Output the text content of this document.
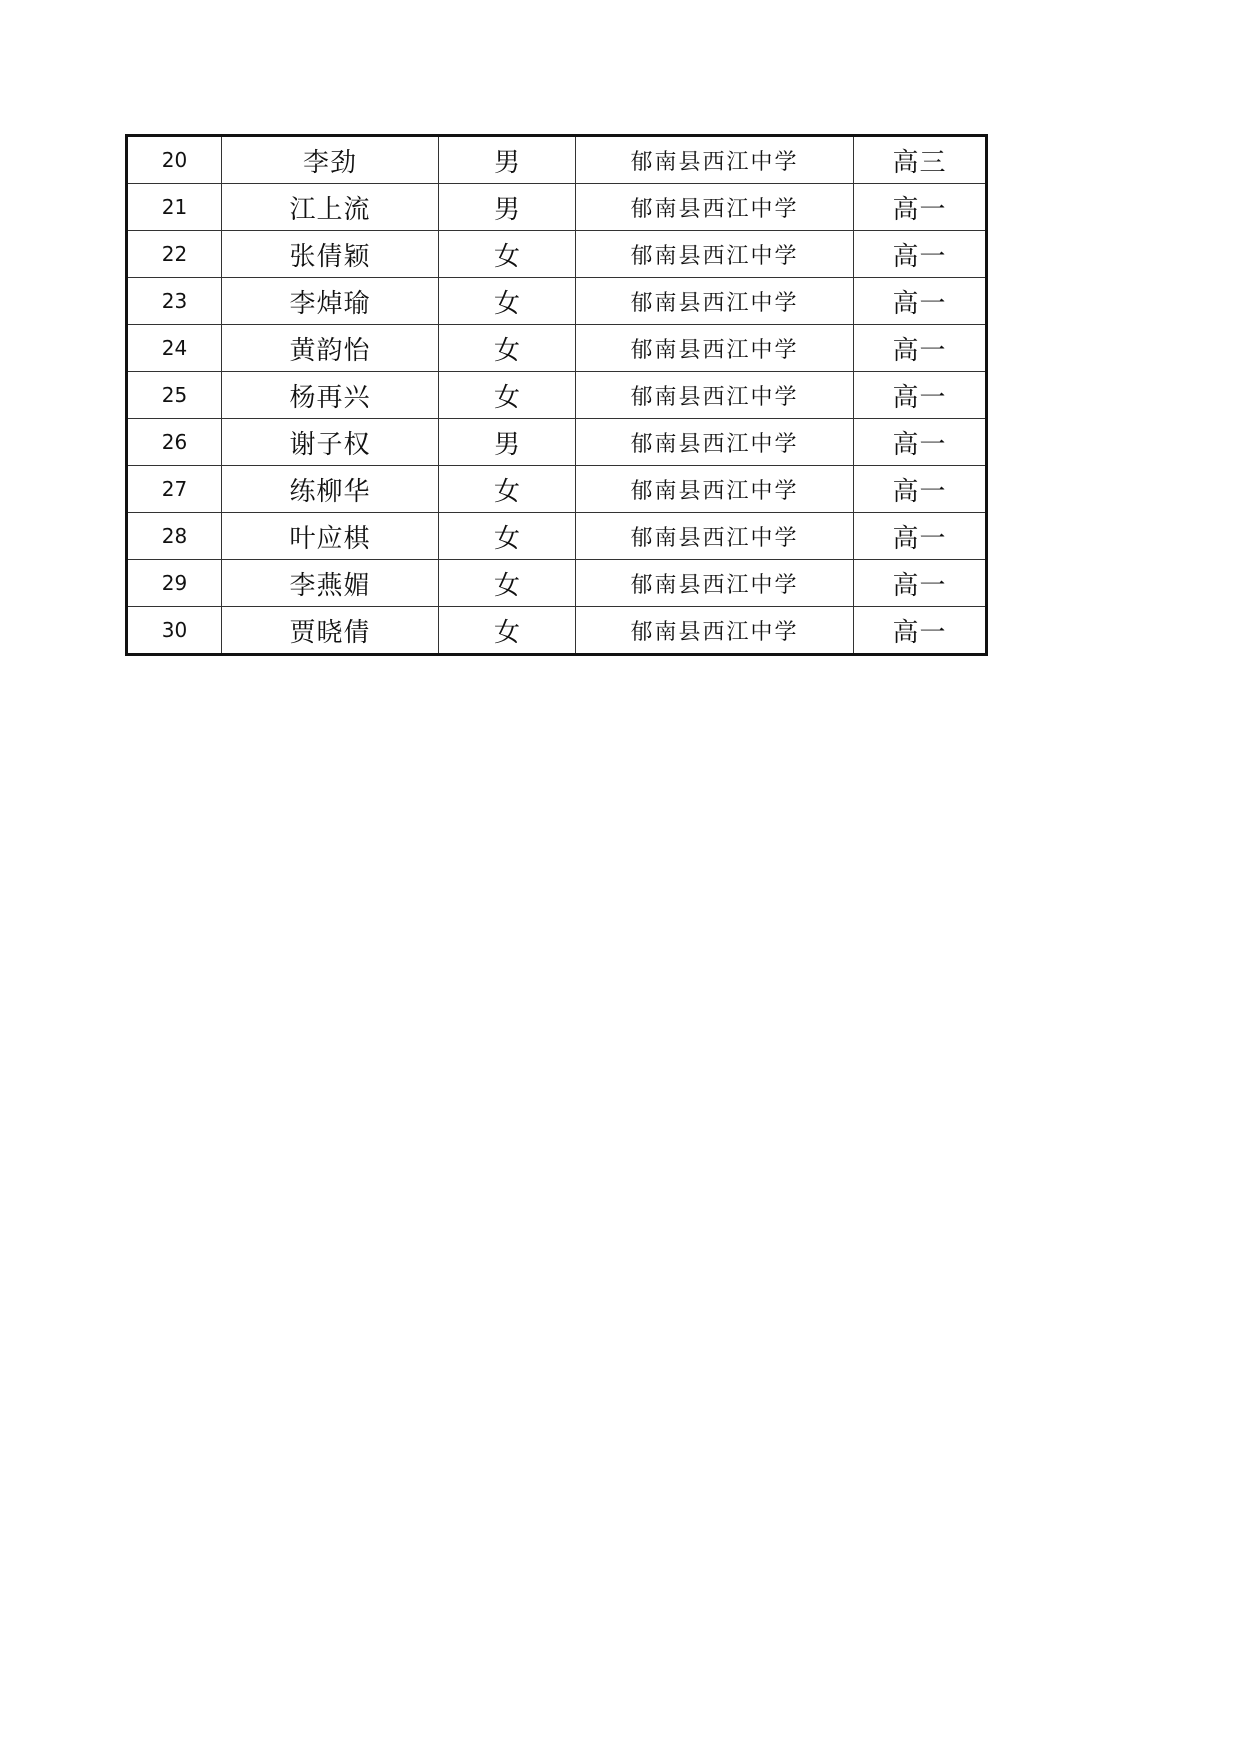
20	李劲	男	郁南县西江中学	高三
21	江上流	男	郁南县西江中学	高一
22	张倩颖	女	郁南县西江中学	高一
23	李焯瑜	女	郁南县西江中学	高一
24	黄韵怡	女	郁南县西江中学	高一
25	杨再兴	女	郁南县西江中学	高一
26	谢子权	男	郁南县西江中学	高一
27	练柳华	女	郁南县西江中学	高一
28	叶应棋	女	郁南县西江中学	高一
29	李燕媚	女	郁南县西江中学	高一
30	贾晓倩	女	郁南县西江中学	高一
